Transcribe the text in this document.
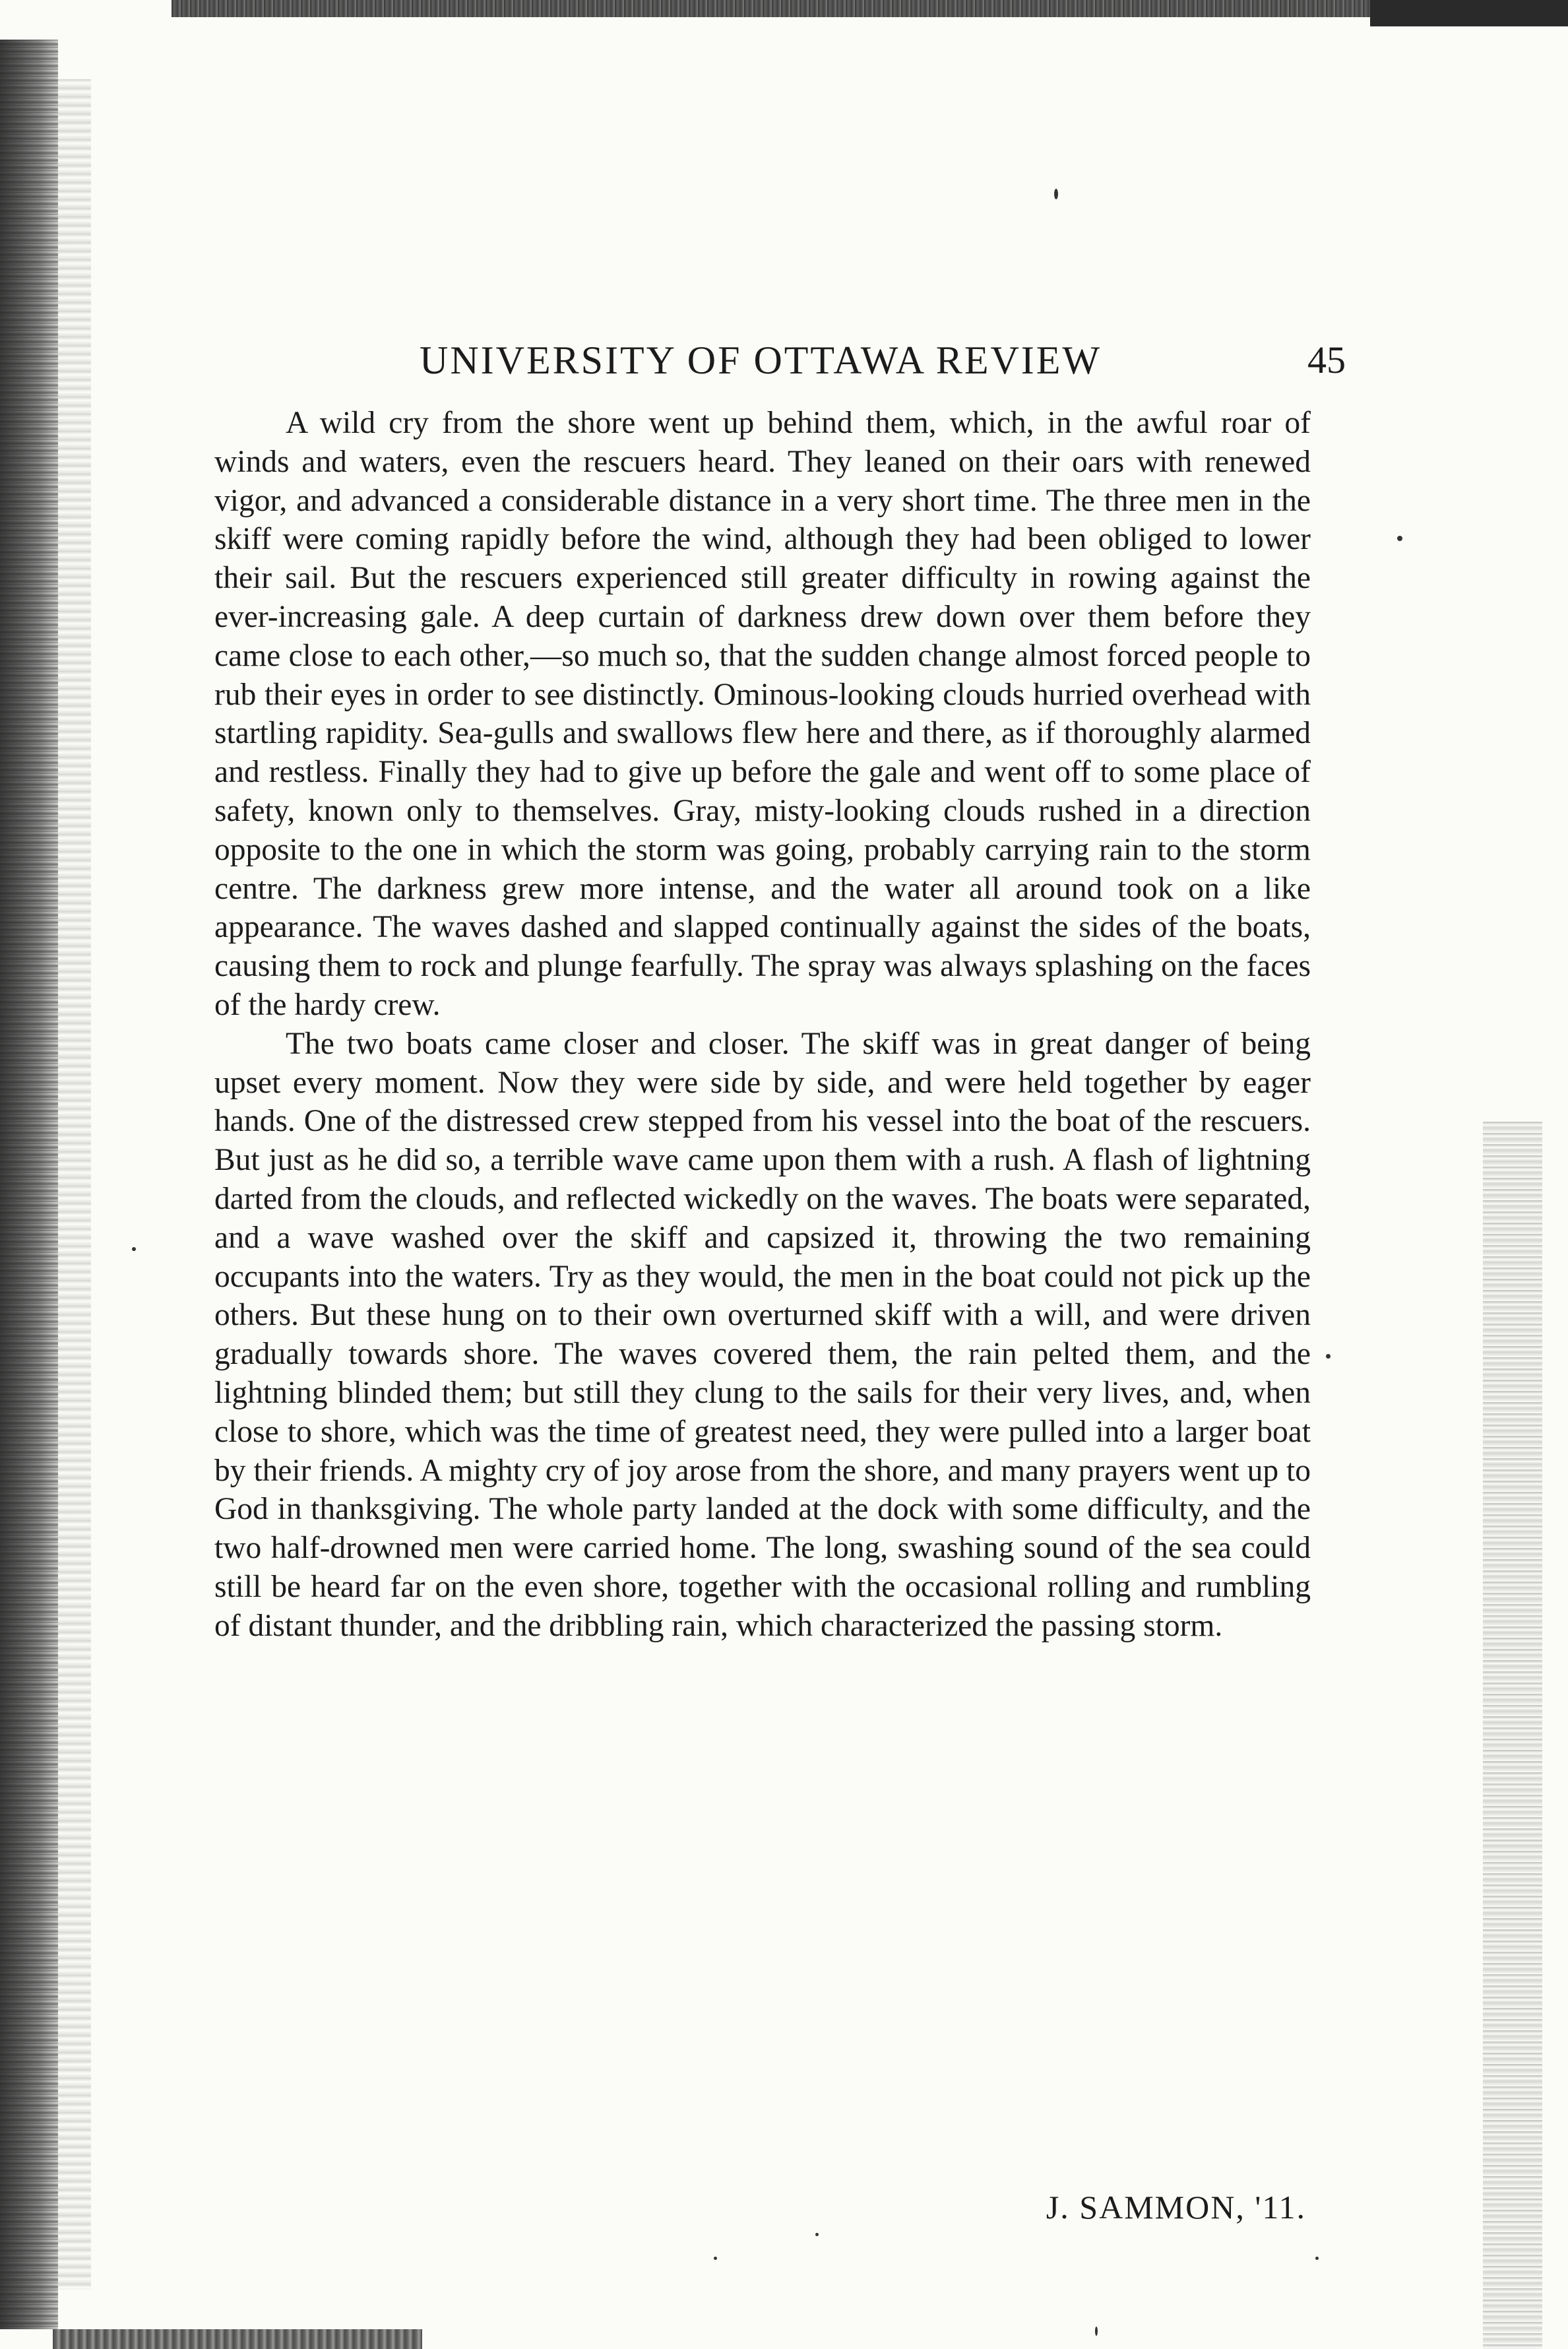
UNIVERSITY OF OTTAWA REVIEW	45

A wild cry from the shore went up behind them, which, in the awful roar of winds and waters, even the rescuers heard. They leaned on their oars with renewed vigor, and advanced a considerable distance in a very short time. The three men in the skiff were coming rapidly before the wind, although they had been obliged to lower their sail. But the rescuers experienced still greater difficulty in rowing against the ever-increasing gale. A deep curtain of darkness drew down over them before they came close to each other,—so much so, that the sudden change almost forced people to rub their eyes in order to see distinctly. Ominous-looking clouds hurried overhead with startling rapidity. Sea-gulls and swallows flew here and there, as if thoroughly alarmed and restless. Finally they had to give up before the gale and went off to some place of safety, known only to themselves. Gray, misty-looking clouds rushed in a direction opposite to the one in which the storm was going, probably carrying rain to the storm centre. The darkness grew more intense, and the water all around took on a like appearance. The waves dashed and slapped continually against the sides of the boats, causing them to rock and plunge fearfully. The spray was always splashing on the faces of the hardy crew.

The two boats came closer and closer. The skiff was in great danger of being upset every moment. Now they were side by side, and were held together by eager hands. One of the distressed crew stepped from his vessel into the boat of the rescuers. But just as he did so, a terrible wave came upon them with a rush. A flash of lightning darted from the clouds, and reflected wickedly on the waves. The boats were separated, and a wave washed over the skiff and capsized it, throwing the two remaining occupants into the waters. Try as they would, the men in the boat could not pick up the others. But these hung on to their own overturned skiff with a will, and were driven gradually towards shore. The waves covered them, the rain pelted them, and the lightning blinded them; but still they clung to the sails for their very lives, and, when close to shore, which was the time of greatest need, they were pulled into a larger boat by their friends. A mighty cry of joy arose from the shore, and many prayers went up to God in thanksgiving. The whole party landed at the dock with some difficulty, and the two half-drowned men were carried home. The long, swashing sound of the sea could still be heard far on the even shore, together with the occasional rolling and rumbling of distant thunder, and the dribbling rain, which characterized the passing storm.

J. SAMMON, '11.
